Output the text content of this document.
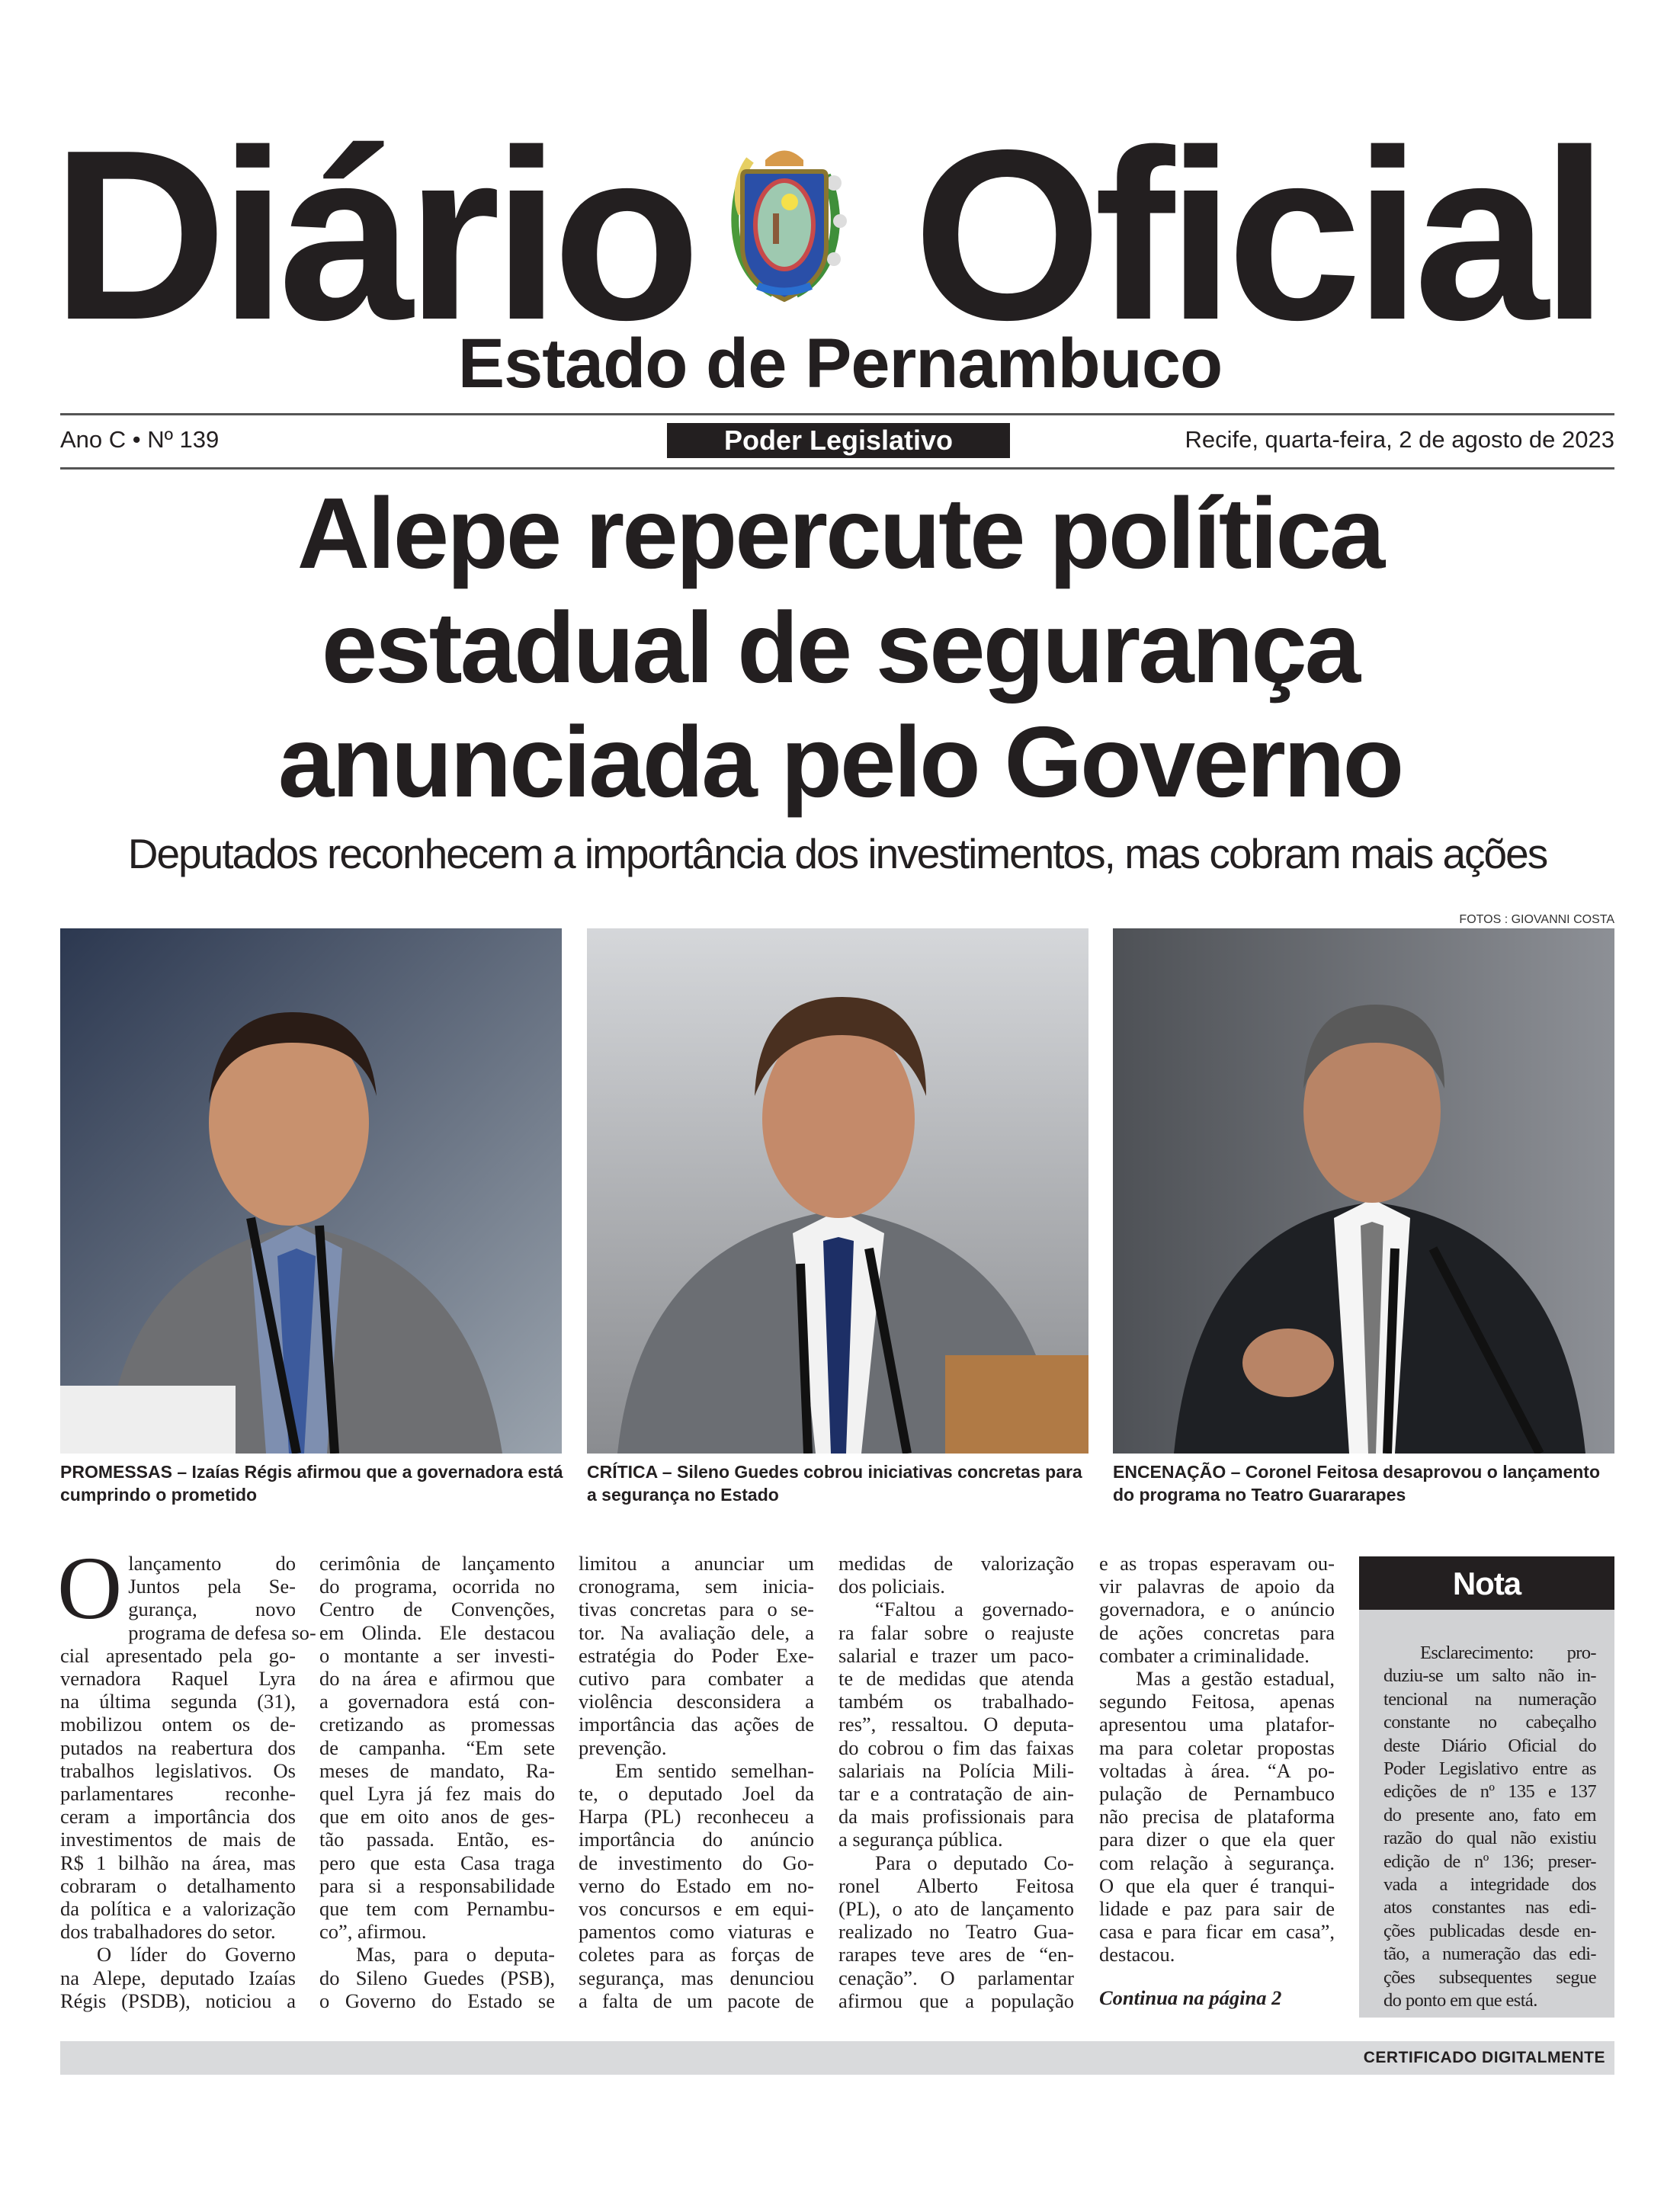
Diário Oficial
Estado de Pernambuco
Ano C • Nº 139	Poder Legislativo	Recife, quarta-feira, 2 de agosto de 2023
Alepe repercute política
estadual de segurança
anunciada pelo Governo
Deputados reconhecem a importância dos investimentos, mas cobram mais ações
FOTOS : GIOVANNI COSTA
PROMESSAS – Izaías Régis afirmou que a governadora está cumprindo o prometido
CRÍTICA – Sileno Guedes cobrou iniciativas concretas para a segurança no Estado
ENCENAÇÃO – Coronel Feitosa desaprovou o lançamento do programa no Teatro Guararapes
O lançamento do
Juntos pela Se-
gurança, novo
programa de defesa so-
cial apresentado pela go-
vernadora Raquel Lyra
na última segunda (31),
mobilizou ontem os de-
putados na reabertura dos
trabalhos legislativos. Os
parlamentares reconhe-
ceram a importância dos
investimentos de mais de
R$ 1 bilhão na área, mas
cobraram o detalhamento
da política e a valorização
dos trabalhadores do setor.
O líder do Governo
na Alepe, deputado Izaías
Régis (PSDB), noticiou a
cerimônia de lançamento
do programa, ocorrida no
Centro de Convenções,
em Olinda. Ele destacou
o montante a ser investi-
do na área e afirmou que
a governadora está con-
cretizando as promessas
de campanha. “Em sete
meses de mandato, Ra-
quel Lyra já fez mais do
que em oito anos de ges-
tão passada. Então, es-
pero que esta Casa traga
para si a responsabilidade
que tem com Pernambu-
co”, afirmou.
Mas, para o deputa-
do Sileno Guedes (PSB),
o Governo do Estado se
limitou a anunciar um
cronograma, sem inicia-
tivas concretas para o se-
tor. Na avaliação dele, a
estratégia do Poder Exe-
cutivo para combater a
violência desconsidera a
importância das ações de
prevenção.
Em sentido semelhan-
te, o deputado Joel da
Harpa (PL) reconheceu a
importância do anúncio
de investimento do Go-
verno do Estado em no-
vos concursos e em equi-
pamentos como viaturas e
coletes para as forças de
segurança, mas denunciou
a falta de um pacote de
medidas de valorização
dos policiais.
“Faltou a governado-
ra falar sobre o reajuste
salarial e trazer um paco-
te de medidas que atenda
também os trabalhado-
res”, ressaltou. O deputa-
do cobrou o fim das faixas
salariais na Polícia Mili-
tar e a contratação de ain-
da mais profissionais para
a segurança pública.
Para o deputado Co-
ronel Alberto Feitosa
(PL), o ato de lançamento
realizado no Teatro Gua-
rarapes teve ares de “en-
cenação”. O parlamentar
afirmou que a população
e as tropas esperavam ou-
vir palavras de apoio da
governadora, e o anúncio
de ações concretas para
combater a criminalidade.
Mas a gestão estadual,
segundo Feitosa, apenas
apresentou uma platafor-
ma para coletar propostas
voltadas à área. “A po-
pulação de Pernambuco
não precisa de plataforma
para dizer o que ela quer
com relação à segurança.
O que ela quer é tranqui-
lidade e paz para sair de
casa e para ficar em casa”,
destacou.
Continua na página 2
Nota
Esclarecimento: pro-
duziu-se um salto não in-
tencional na numeração
constante no cabeçalho
deste Diário Oficial do
Poder Legislativo entre as
edições de nº 135 e 137
do presente ano, fato em
razão do qual não existiu
edição de nº 136; preser-
vada a integridade dos
atos constantes nas edi-
ções publicadas desde en-
tão, a numeração das edi-
ções subsequentes segue
do ponto em que está.
CERTIFICADO DIGITALMENTE
